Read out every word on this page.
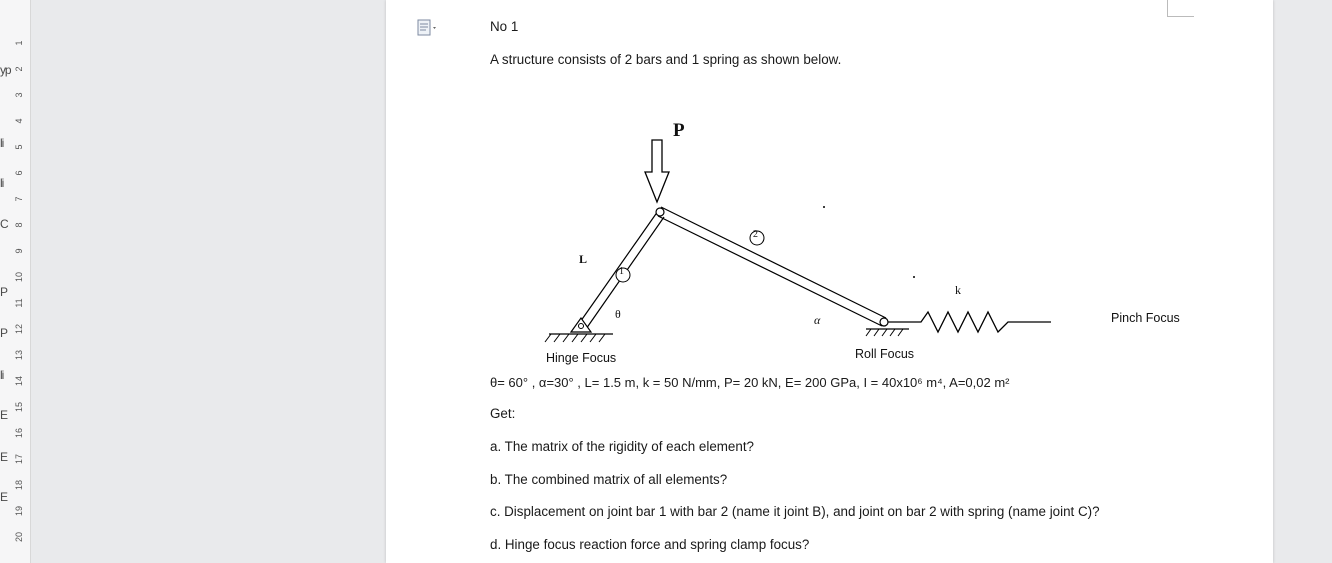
ур
li
li
C
P
P
li
E
E
E
1
2
3
4
5
6
7
8
9
10
11
12
13
14
15
16
17
18
19
20
No 1
A structure consists of 2 bars and 1 spring as shown below.
P
L
1
2
θ	α
k
Hinge Focus	Roll Focus
Pinch Focus
θ= 60° , α=30° , L= 1.5 m, k = 50 N/mm, P= 20 kN, E= 200 GPa, I = 40x10⁶ m⁴, A=0,02 m²
Get:
a. The matrix of the rigidity of each element?
b. The combined matrix of all elements?
c. Displacement on joint bar 1 with bar 2 (name it joint B), and joint on bar 2 with spring (name joint C)?
d. Hinge focus reaction force and spring clamp focus?
